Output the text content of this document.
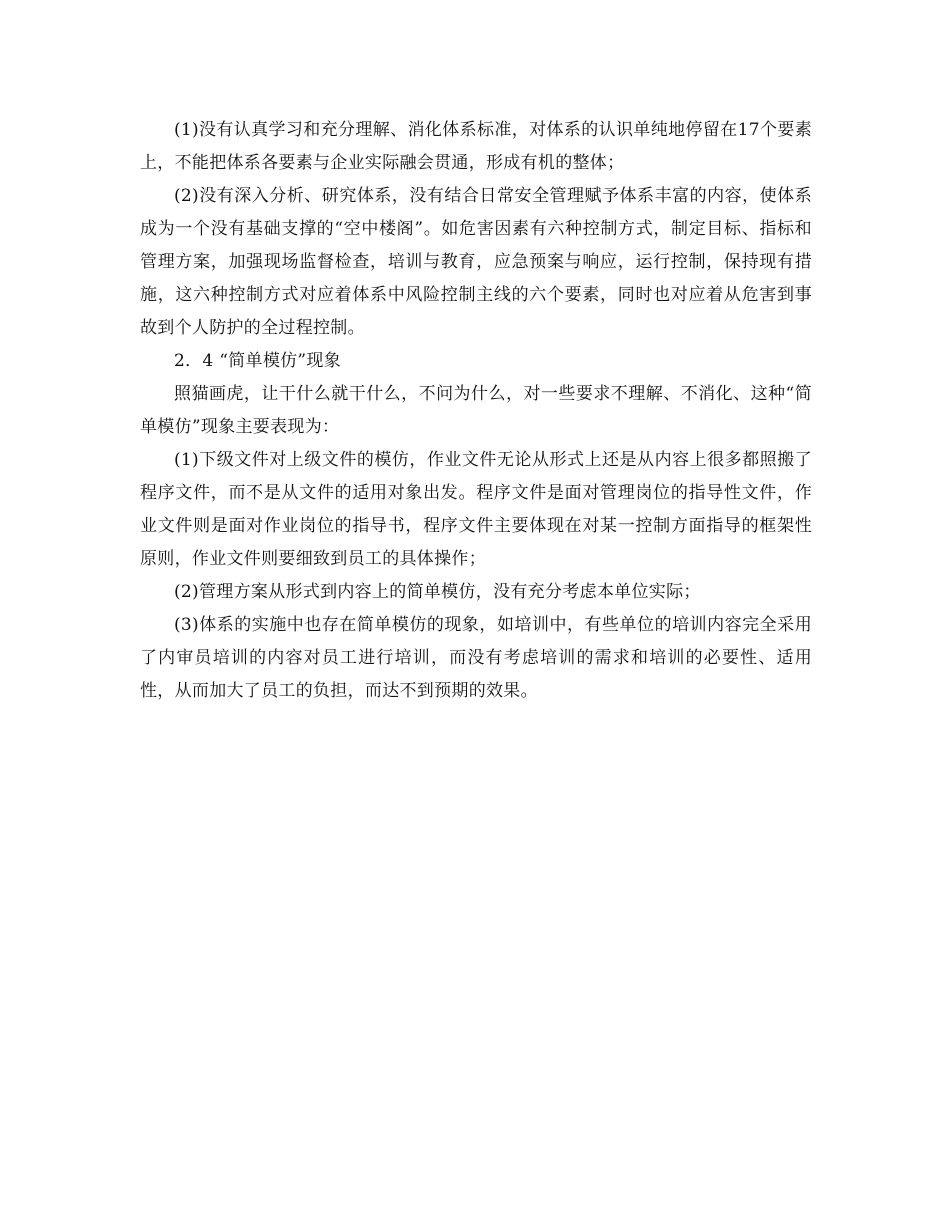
(1)没有认真学习和充分理解、消化体系标准，对体系的认识单纯地停留在17个要素上，不能把体系各要素与企业实际融会贯通，形成有机的整体；

(2)没有深入分析、研究体系，没有结合日常安全管理赋予体系丰富的内容，使体系成为一个没有基础支撑的“空中楼阁”。如危害因素有六种控制方式，制定目标、指标和管理方案，加强现场监督检查，培训与教育，应急预案与响应，运行控制，保持现有措施，这六种控制方式对应着体系中风险控制主线的六个要素，同时也对应着从危害到事故到个人防护的全过程控制。

2．4 “简单模仿”现象

照猫画虎，让干什么就干什么，不问为什么，对一些要求不理解、不消化、这种“简单模仿”现象主要表现为：

(1)下级文件对上级文件的模仿，作业文件无论从形式上还是从内容上很多都照搬了程序文件，而不是从文件的适用对象出发。程序文件是面对管理岗位的指导性文件，作业文件则是面对作业岗位的指导书，程序文件主要体现在对某一控制方面指导的框架性原则，作业文件则要细致到员工的具体操作；

(2)管理方案从形式到内容上的简单模仿，没有充分考虑本单位实际；

(3)体系的实施中也存在简单模仿的现象，如培训中，有些单位的培训内容完全采用了内审员培训的内容对员工进行培训，而没有考虑培训的需求和培训的必要性、适用性，从而加大了员工的负担，而达不到预期的效果。
